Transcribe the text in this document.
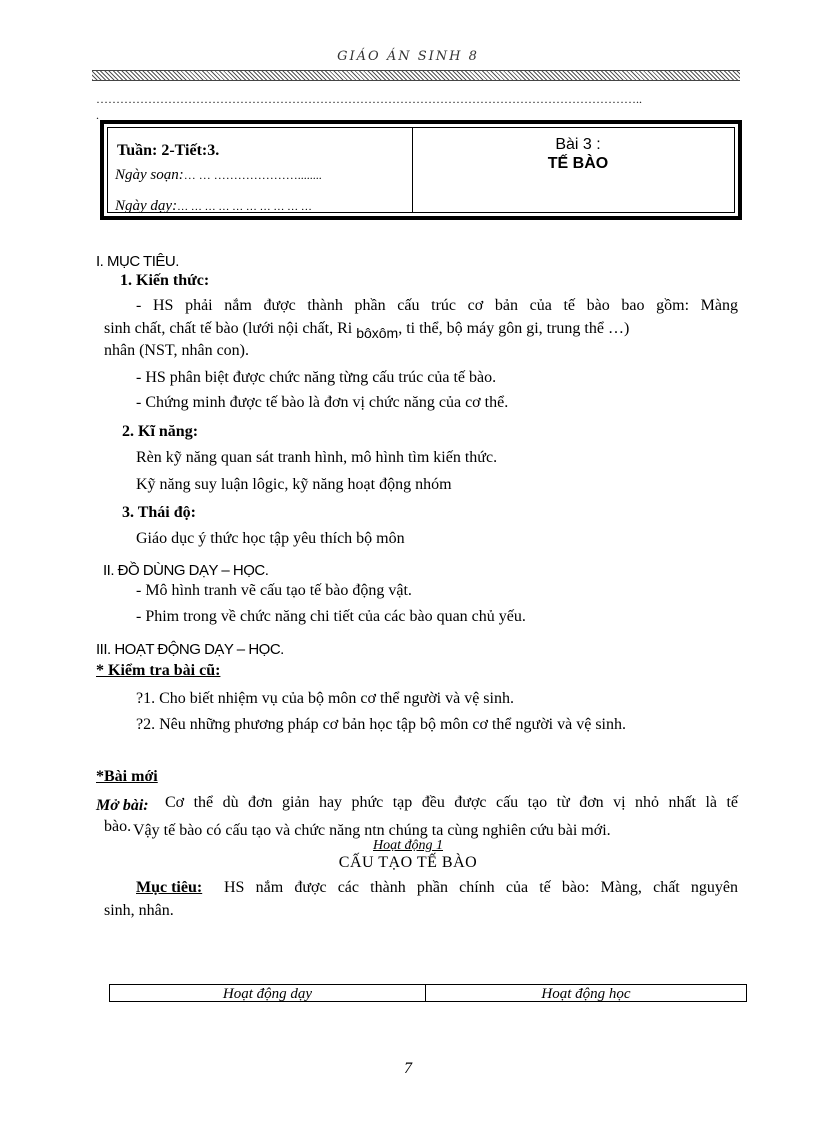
GIÁO ÁN SINH 8
………………………………………………………………………………………………………………………..
.
Tuần: 2-Tiết:3.
Ngày soạn:… … …………………........
Ngày dạy:… … … … … … … … … …
Bài 3 :
TẾ BÀO
I. MỤC TIÊU.
1. Kiến thức:
- HS phải nắm được thành phần cấu trúc cơ bản của tế bào bao gồm: Màng
sinh chất, chất tế bào (lưới nội chất, Ri bôxôm, ti thể, bộ máy gôn gi, trung thể …)
nhân (NST, nhân con).
- HS phân biệt được chức năng từng cấu trúc của tế bào.
- Chứng minh được tế bào là đơn vị chức năng của cơ thể.
2. Kĩ năng:
Rèn kỹ năng quan sát tranh hình, mô hình tìm kiến thức.
Kỹ năng suy luận lôgic, kỹ năng hoạt động nhóm
3. Thái độ:
Giáo dục ý thức học tập yêu thích bộ môn
II. ĐỒ DÙNG DẠY – HỌC.
- Mô hình tranh vẽ cấu tạo tế bào động vật.
- Phim trong về chức năng chi tiết của các bào quan chủ yếu.
III. HOẠT ĐỘNG DẠY – HỌC.
* Kiểm tra bài cũ:
?1. Cho biết nhiệm vụ của bộ môn cơ thể người và vệ sinh.
?2. Nêu những phương pháp cơ bản học tập bộ môn cơ thể người và vệ sinh.
*Bài mới
Mở bài: Cơ thể dù đơn giản hay phức tạp đều được cấu tạo từ đơn vị nhỏ nhất là tế
bào. Vậy tế bào có cấu tạo và chức năng ntn chúng ta cùng nghiên cứu bài mới.
Hoạt động 1
CẤU TẠO TẾ BÀO
Mục tiêu: HS nắm được các thành phần chính của tế bào: Màng, chất nguyên
sinh, nhân.
Hoạt động dạy	Hoạt động học
7
